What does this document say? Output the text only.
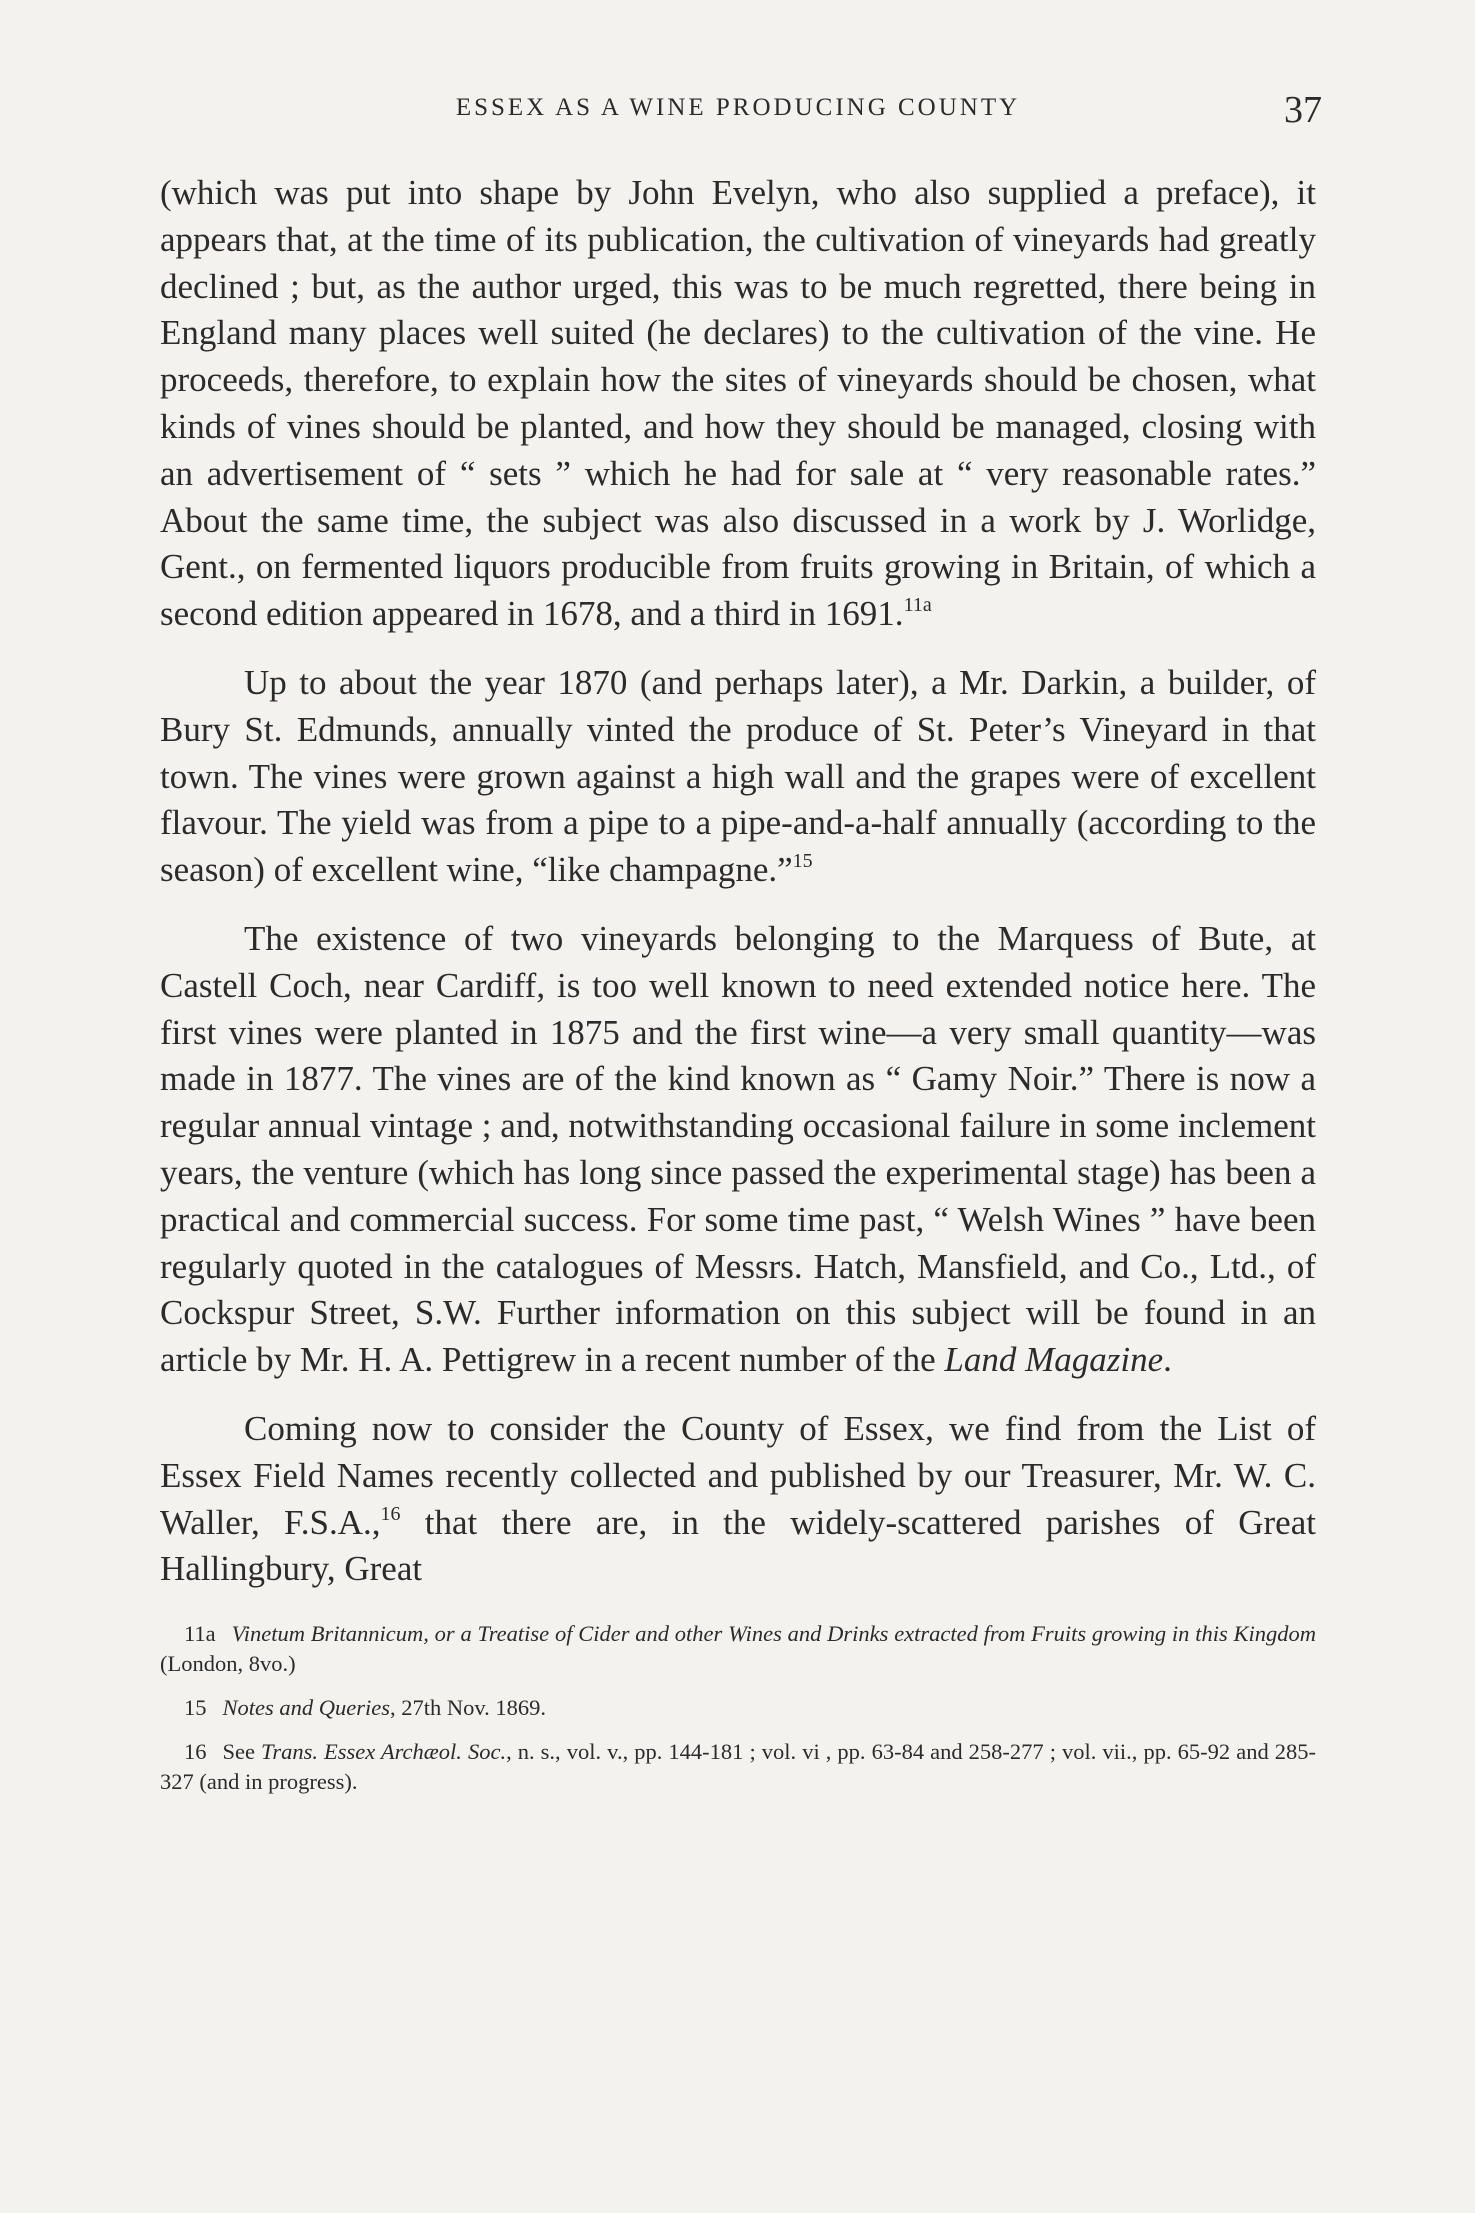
ESSEX AS A WINE PRODUCING COUNTY	37

(which was put into shape by John Evelyn, who also supplied a preface), it appears that, at the time of its publication, the cultivation of vineyards had greatly declined ; but, as the author urged, this was to be much regretted, there being in England many places well suited (he declares) to the cultivation of the vine. He proceeds, therefore, to explain how the sites of vineyards should be chosen, what kinds of vines should be planted, and how they should be managed, closing with an advertisement of “ sets ” which he had for sale at “ very reasonable rates.” About the same time, the subject was also discussed in a work by J. Worlidge, Gent., on fermented liquors producible from fruits growing in Britain, of which a second edition appeared in 1678, and a third in 1691.$^{11a}$

Up to about the year 1870 (and perhaps later), a Mr. Darkin, a builder, of Bury St. Edmunds, annually vinted the produce of St. Peter’s Vineyard in that town. The vines were grown against a high wall and the grapes were of excellent flavour. The yield was from a pipe to a pipe-and-a-half annually (according to the season) of excellent wine, “like champagne.”$^{15}$

The existence of two vineyards belonging to the Marquess of Bute, at Castell Coch, near Cardiff, is too well known to need extended notice here. The first vines were planted in 1875 and the first wine—a very small quantity—was made in 1877. The vines are of the kind known as “ Gamy Noir.” There is now a regular annual vintage ; and, notwithstanding occasional failure in some inclement years, the venture (which has long since passed the experimental stage) has been a practical and commercial success. For some time past, “ Welsh Wines ” have been regularly quoted in the catalogues of Messrs. Hatch, Mansfield, and Co., Ltd., of Cockspur Street, S.W. Further information on this subject will be found in an article by Mr. H. A. Pettigrew in a recent number of the Land Magazine.

Coming now to consider the County of Essex, we find from the List of Essex Field Names recently collected and published by our Treasurer, Mr. W. C. Waller, F.S.A.,$^{16}$ that there are, in the widely-scattered parishes of Great Hallingbury, Great

11a Vinetum Britannicum, or a Treatise of Cider and other Wines and Drinks extracted from Fruits growing in this Kingdom (London, 8vo.)

15 Notes and Queries, 27th Nov. 1869.

16 See Trans. Essex Archæol. Soc., n. s., vol. v., pp. 144-181 ; vol. vi , pp. 63-84 and 258-277 ; vol. vii., pp. 65-92 and 285-327 (and in progress).
